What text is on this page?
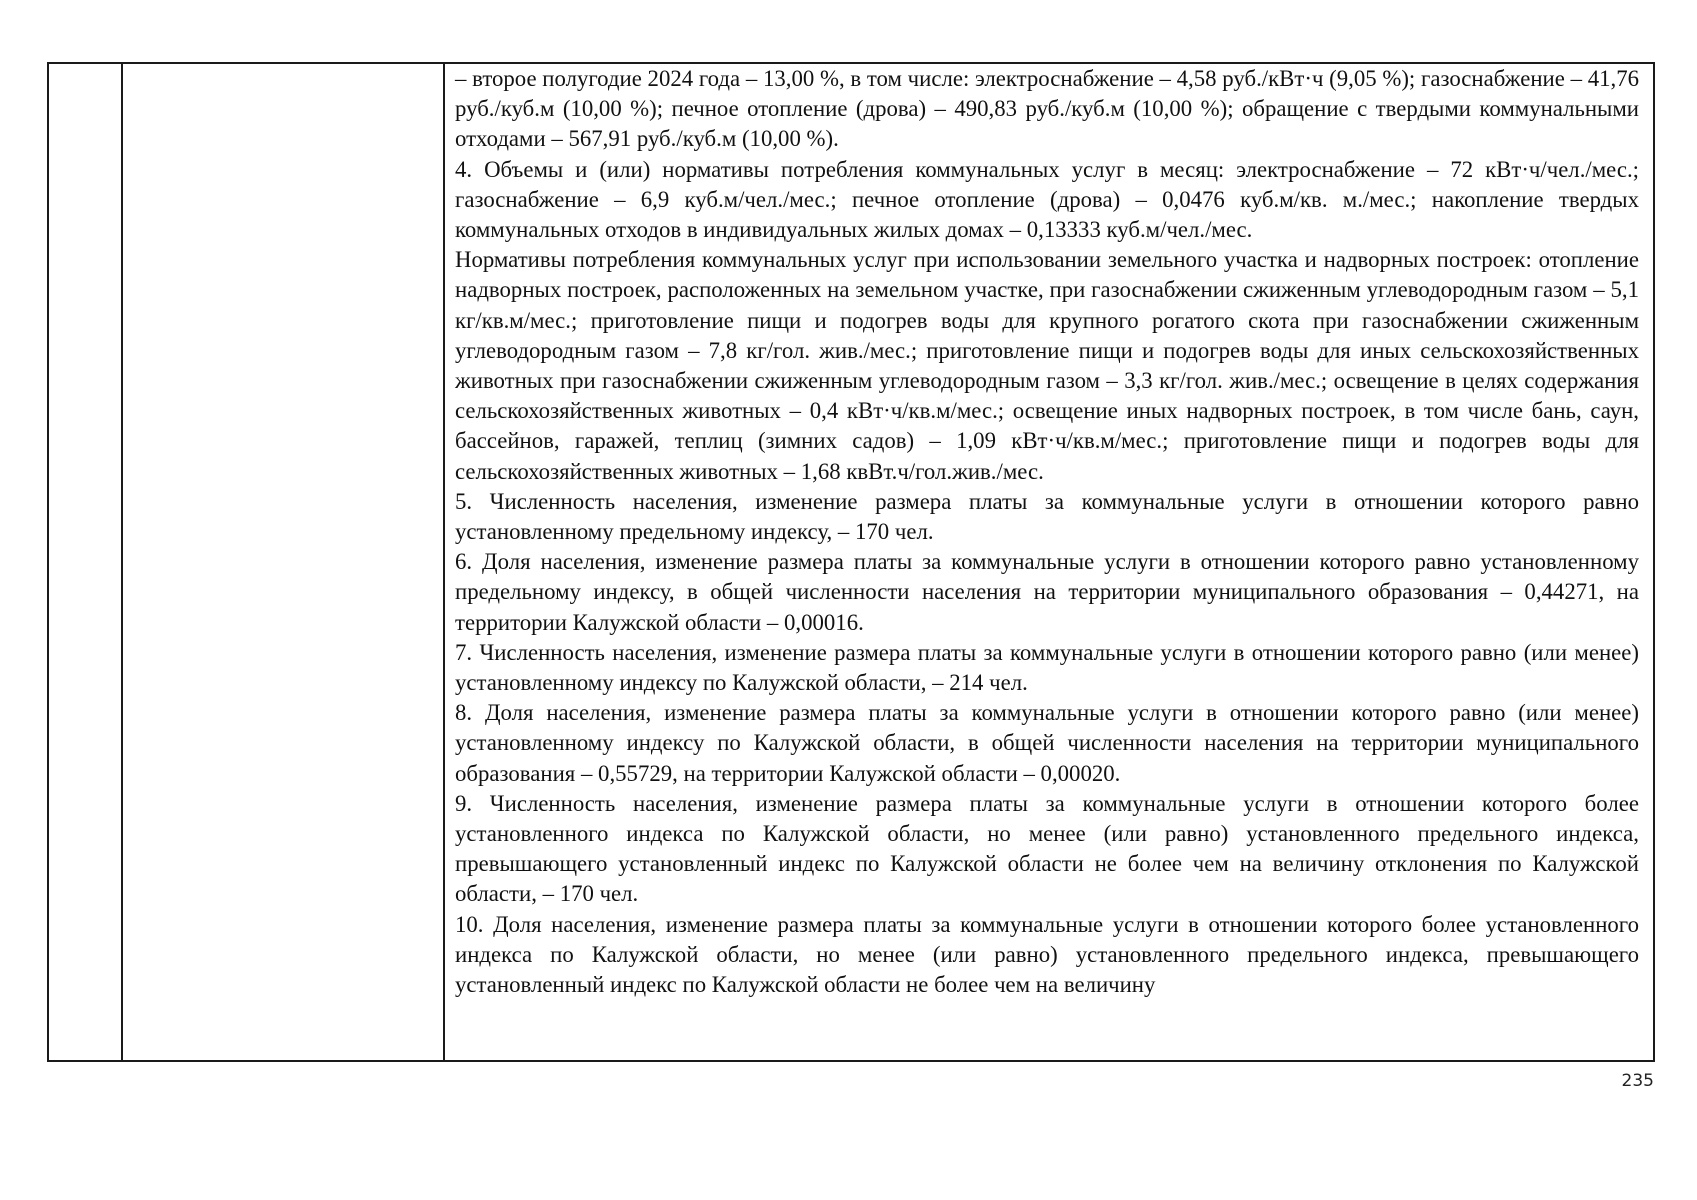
– второе полугодие 2024 года – 13,00 %, в том числе: электроснабжение – 4,58 руб./кВт·ч (9,05 %); газоснабжение – 41,76 руб./куб.м (10,00 %); печное отопление (дрова) – 490,83 руб./куб.м (10,00 %); обращение с твердыми коммунальными отходами – 567,91 руб./куб.м (10,00 %).

4. Объемы и (или) нормативы потребления коммунальных услуг в месяц: электроснабжение – 72 кВт·ч/чел./мес.; газоснабжение – 6,9 куб.м/чел./мес.; печное отопление (дрова) – 0,0476 куб.м/кв. м./мес.; накопление твердых коммунальных отходов в индивидуальных жилых домах – 0,13333 куб.м/чел./мес.

Нормативы потребления коммунальных услуг при использовании земельного участка и надворных построек: отопление надворных построек, расположенных на земельном участке, при газоснабжении сжиженным углеводородным газом – 5,1 кг/кв.м/мес.; приготовление пищи и подогрев воды для крупного рогатого скота при газоснабжении сжиженным углеводородным газом – 7,8 кг/гол. жив./мес.; приготовление пищи и подогрев воды для иных сельскохозяйственных животных при газоснабжении сжиженным углеводородным газом – 3,3 кг/гол. жив./мес.; освещение в целях содержания сельскохозяйственных животных – 0,4 кВт·ч/кв.м/мес.; освещение иных надворных построек, в том числе бань, саун, бассейнов, гаражей, теплиц (зимних садов) – 1,09 кВт·ч/кв.м/мес.; приготовление пищи и подогрев воды для сельскохозяйственных животных – 1,68 квВт.ч/гол.жив./мес.

5. Численность населения, изменение размера платы за коммунальные услуги в отношении которого равно установленному предельному индексу, – 170 чел.

6. Доля населения, изменение размера платы за коммунальные услуги в отношении которого равно установленному предельному индексу, в общей численности населения на территории муниципального образования – 0,44271, на территории Калужской области – 0,00016.

7. Численность населения, изменение размера платы за коммунальные услуги в отношении которого равно (или менее) установленному индексу по Калужской области, – 214 чел.

8. Доля населения, изменение размера платы за коммунальные услуги в отношении которого равно (или менее) установленному индексу по Калужской области, в общей численности населения на территории муниципального образования – 0,55729, на территории Калужской области – 0,00020.

9. Численность населения, изменение размера платы за коммунальные услуги в отношении которого более установленного индекса по Калужской области, но менее (или равно) установленного предельного индекса, превышающего установленный индекс по Калужской области не более чем на величину отклонения по Калужской области, – 170 чел.

10. Доля населения, изменение размера платы за коммунальные услуги в отношении которого более установленного индекса по Калужской области, но менее (или равно) установленного предельного индекса, превышающего установленный индекс по Калужской области не более чем на величину

235
